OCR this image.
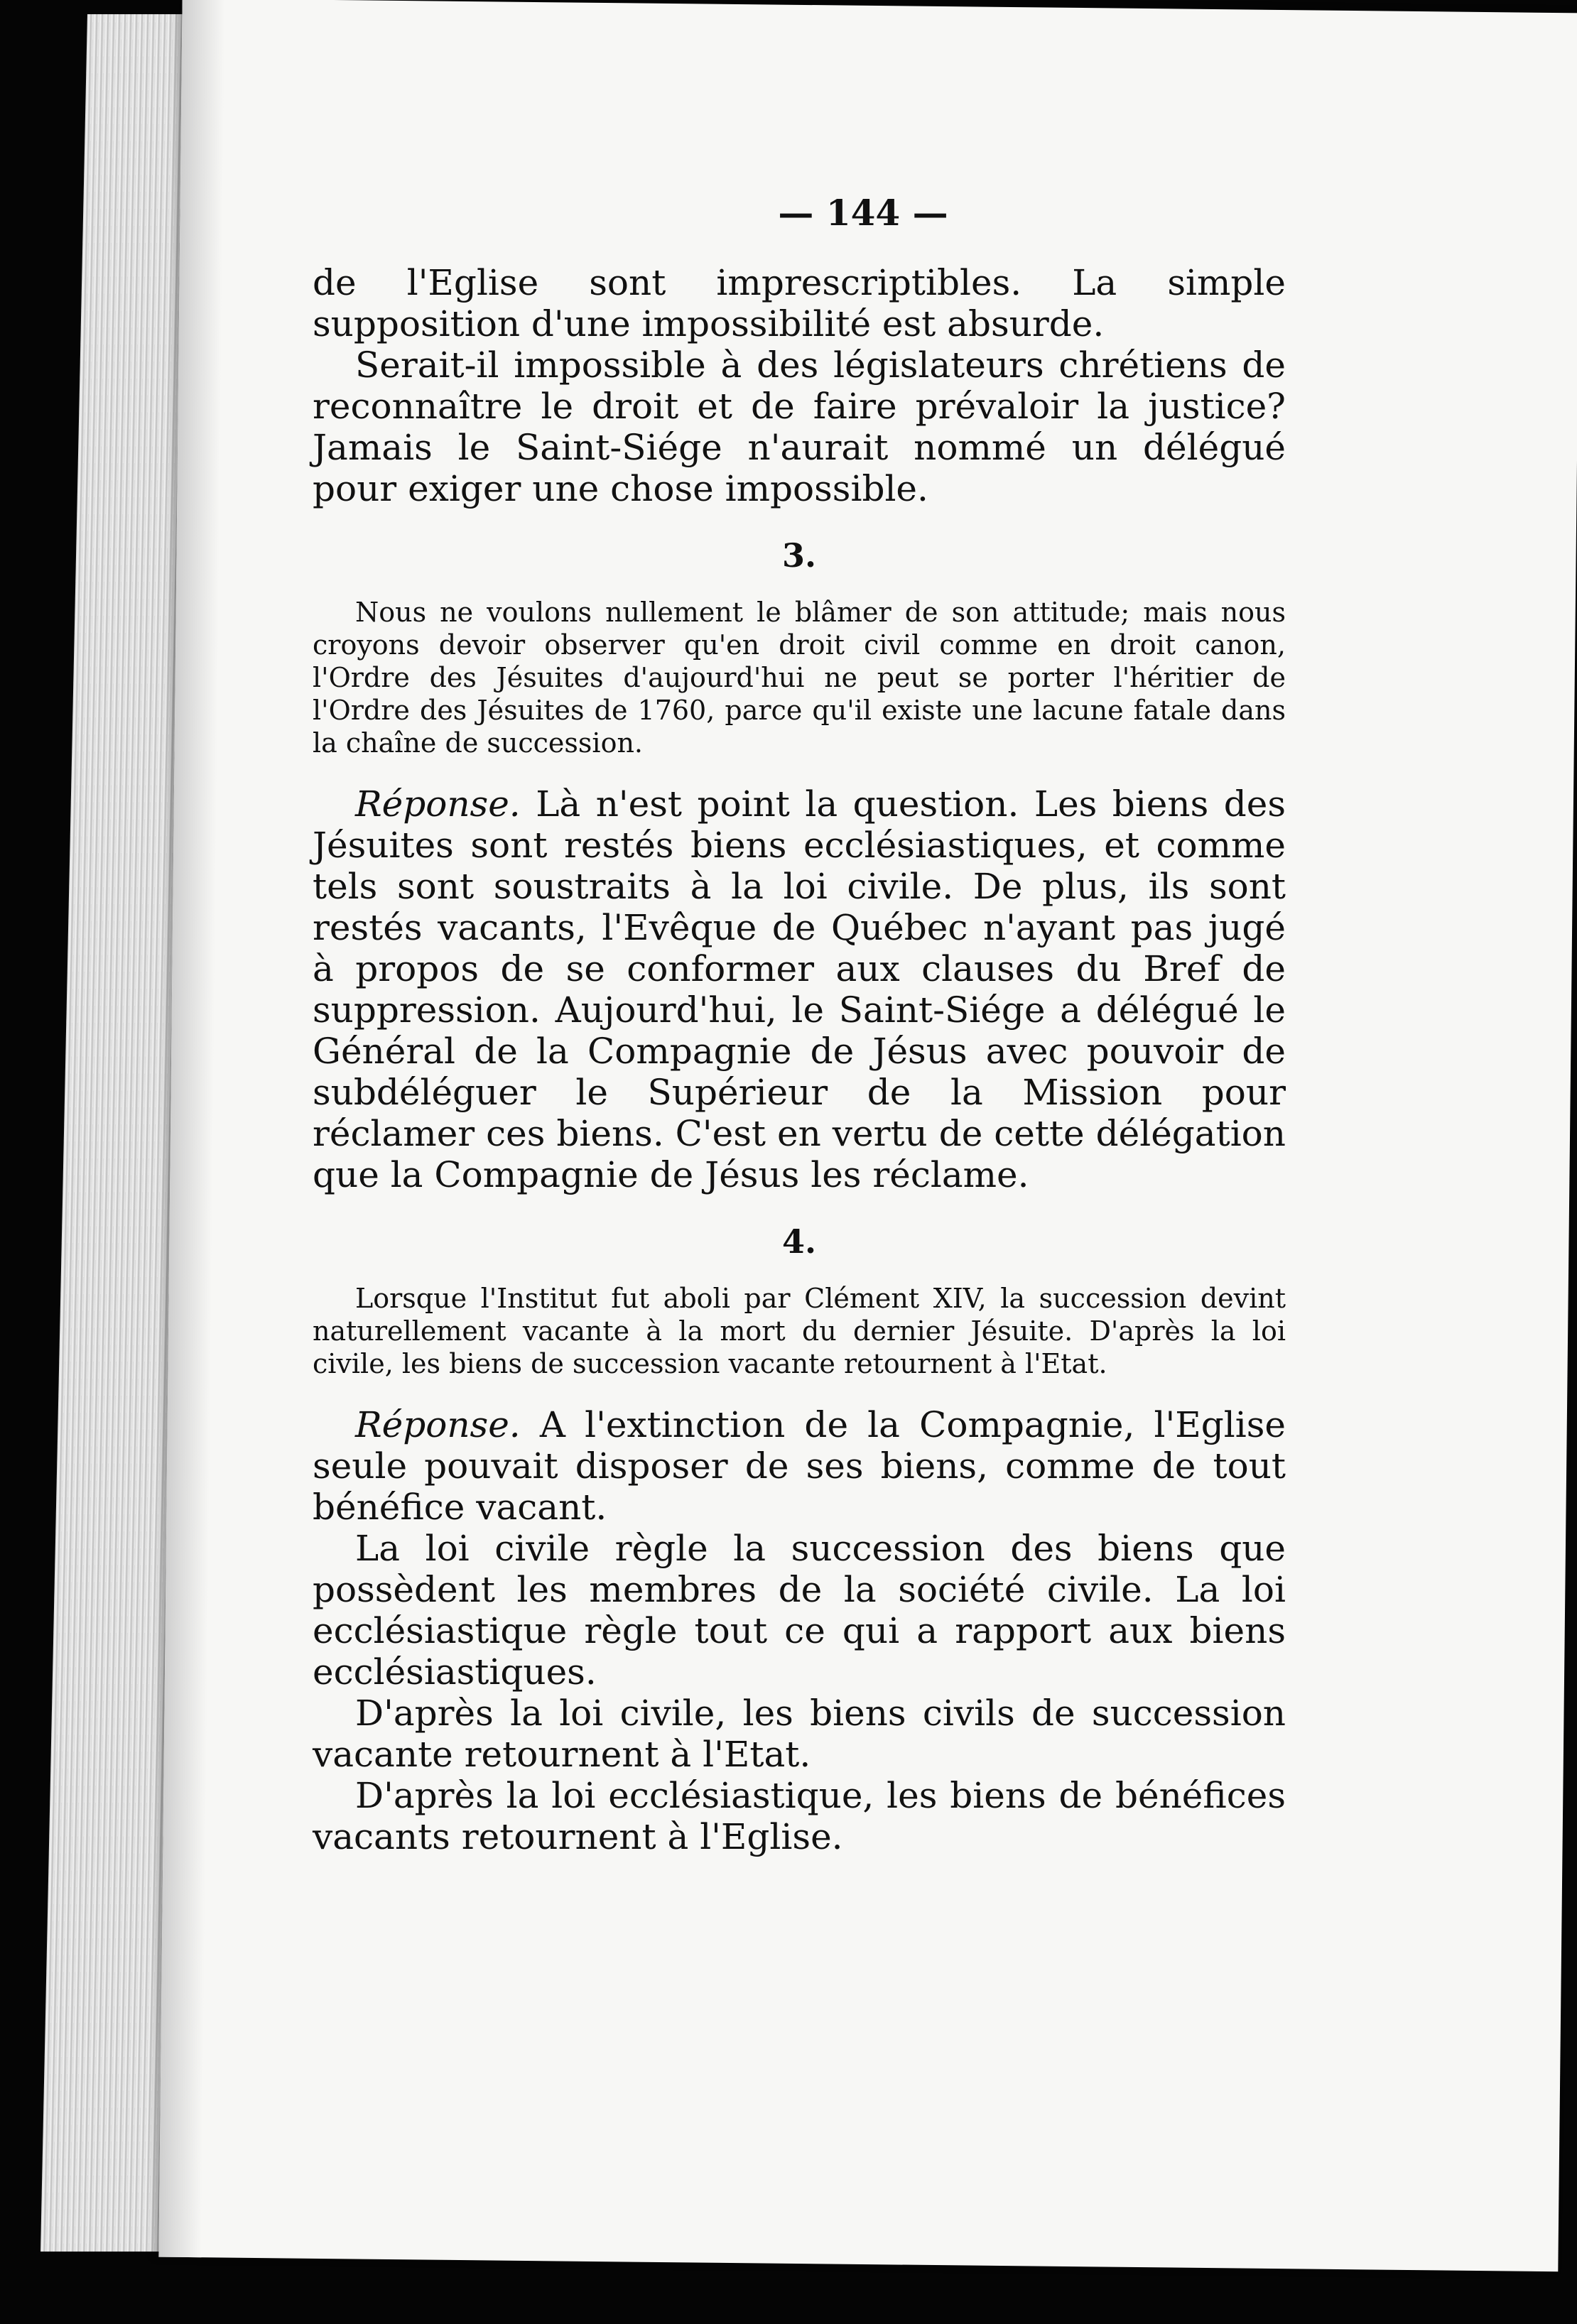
— 144 —

de l'Eglise sont imprescriptibles. La simple supposition d'une impossibilité est absurde.

Serait-il impossible à des législateurs chrétiens de reconnaître le droit et de faire prévaloir la justice? Jamais le Saint-Siége n'aurait nommé un délégué pour exiger une chose impossible.

3.

Nous ne voulons nullement le blâmer de son attitude; mais nous croyons devoir observer qu'en droit civil comme en droit canon, l'Ordre des Jésuites d'aujourd'hui ne peut se porter l'héritier de l'Ordre des Jésuites de 1760, parce qu'il existe une lacune fatale dans la chaîne de succession.

Réponse. Là n'est point la question. Les biens des Jésuites sont restés biens ecclésiastiques, et comme tels sont soustraits à la loi civile. De plus, ils sont restés vacants, l'Evêque de Québec n'ayant pas jugé à propos de se conformer aux clauses du Bref de suppression. Aujourd'hui, le Saint-Siége a délégué le Général de la Compagnie de Jésus avec pouvoir de subdéléguer le Supérieur de la Mission pour réclamer ces biens. C'est en vertu de cette délégation que la Compagnie de Jésus les réclame.

4.

Lorsque l'Institut fut aboli par Clément XIV, la succession devint naturellement vacante à la mort du dernier Jésuite. D'après la loi civile, les biens de succession vacante retournent à l'Etat.

Réponse. A l'extinction de la Compagnie, l'Eglise seule pouvait disposer de ses biens, comme de tout bénéfice vacant.

La loi civile règle la succession des biens que possèdent les membres de la société civile. La loi ecclésiastique règle tout ce qui a rapport aux biens ecclésiastiques.

D'après la loi civile, les biens civils de succession vacante retournent à l'Etat.

D'après la loi ecclésiastique, les biens de bénéfices vacants retournent à l'Eglise.
